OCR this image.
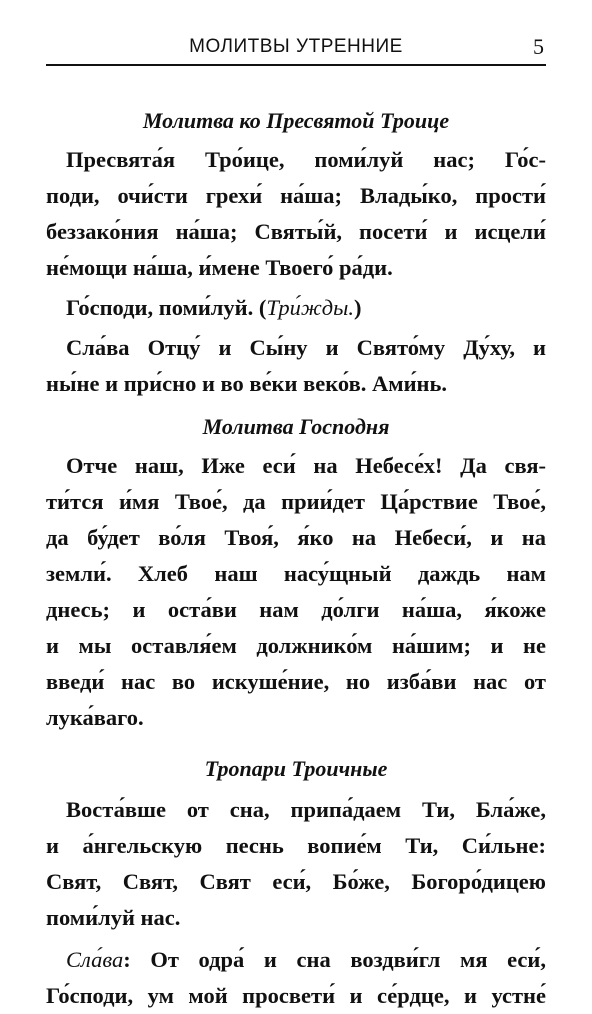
МОЛИТВЫ УТРЕННИЕ	5
Молитва ко Пресвятой Троице

Пресвята́я Тро́ице, поми́луй нас; Го́с-
поди, очи́сти грехи́ на́ша; Влады́ко, прости́
беззако́ния на́ша; Святы́й, посети́ и исцели́
не́мощи на́ша, и́мене Твоего́ ра́ди.

Го́споди, поми́луй. (Три́жды.)

Сла́ва Отцу́ и Сы́ну и Свято́му Ду́ху, и
ны́не и при́сно и во ве́ки веко́в. Ами́нь.

Молитва Господня

Отче наш, Иже еси́ на Небесе́х! Да свя-
ти́тся и́мя Твое́, да прии́дет Ца́рствие Твое́,
да бу́дет во́ля Твоя́, я́ко на Небеси́, и на
земли́. Хлеб наш насу́щный даждь нам
днесь; и оста́ви нам до́лги на́ша, я́коже
и мы оставля́ем должнико́м на́шим; и не
введи́ нас во искуше́ние, но изба́ви нас от
лука́ваго.

Тропари Троичные

Воста́вше от сна, припа́даем Ти, Бла́же,
и а́нгельскую песнь вопие́м Ти, Си́льне:
Свят, Свят, Свят еси́, Бо́же, Богоро́дицею
поми́луй нас.

Сла́ва: От одра́ и сна воздви́гл мя еси́,
Го́споди, ум мой просвети́ и се́рдце, и устне́
